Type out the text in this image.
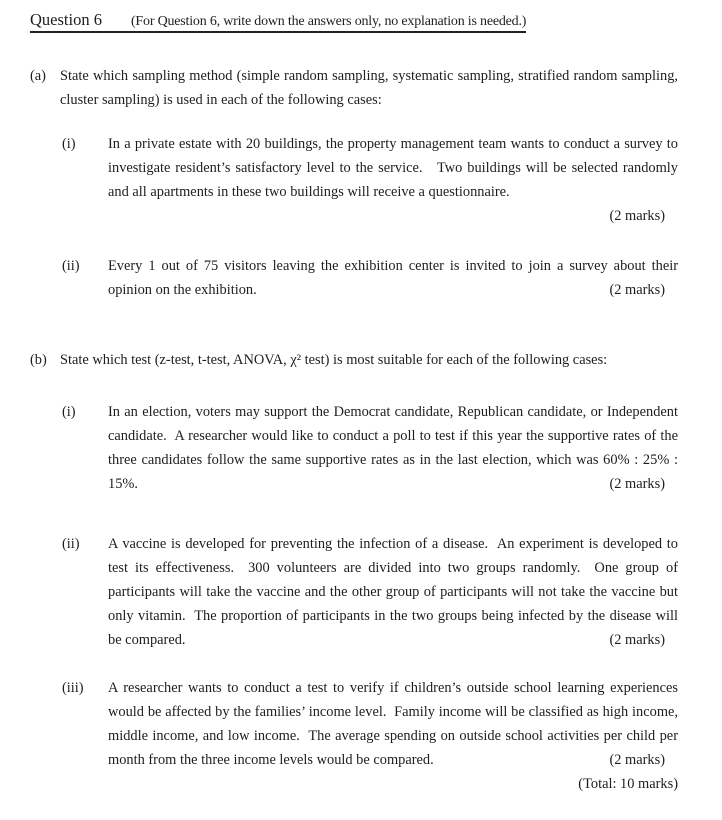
Question 6 (For Question 6, write down the answers only, no explanation is needed.)
(a) State which sampling method (simple random sampling, systematic sampling, stratified random sampling, cluster sampling) is used in each of the following cases:

(i)	In a private estate with 20 buildings, the property management team wants to conduct a survey to investigate resident’s satisfactory level to the service.   Two buildings will be selected randomly and all apartments in these two buildings will receive a questionnaire.

(2 marks)
(ii)	Every 1 out of 75 visitors leaving the exhibition center is invited to join a survey about their opinion on the exhibition.	(2 marks)

(b) State which test (z-test, t-test, ANOVA, χ² test) is most suitable for each of the following cases:

(i)	In an election, voters may support the Democrat candidate, Republican candidate, or Independent candidate.  A researcher would like to conduct a poll to test if this year the supportive rates of the three candidates follow the same supportive rates as in the last election, which was 60% : 25% : 15%.	(2 marks)

(ii)	A vaccine is developed for preventing the infection of a disease.  An experiment is developed to test its effectiveness.  300 volunteers are divided into two groups randomly.  One group of participants will take the vaccine and the other group of participants will not take the vaccine but only vitamin.  The proportion of participants in the two groups being infected by the disease will be compared.	(2 marks)

(iii)	A researcher wants to conduct a test to verify if children’s outside school learning experiences would be affected by the families’ income level.  Family income will be classified as high income, middle income, and low income.  The average spending on outside school activities per child per month from the three income levels would be compared.	(2 marks)

(Total: 10 marks)
